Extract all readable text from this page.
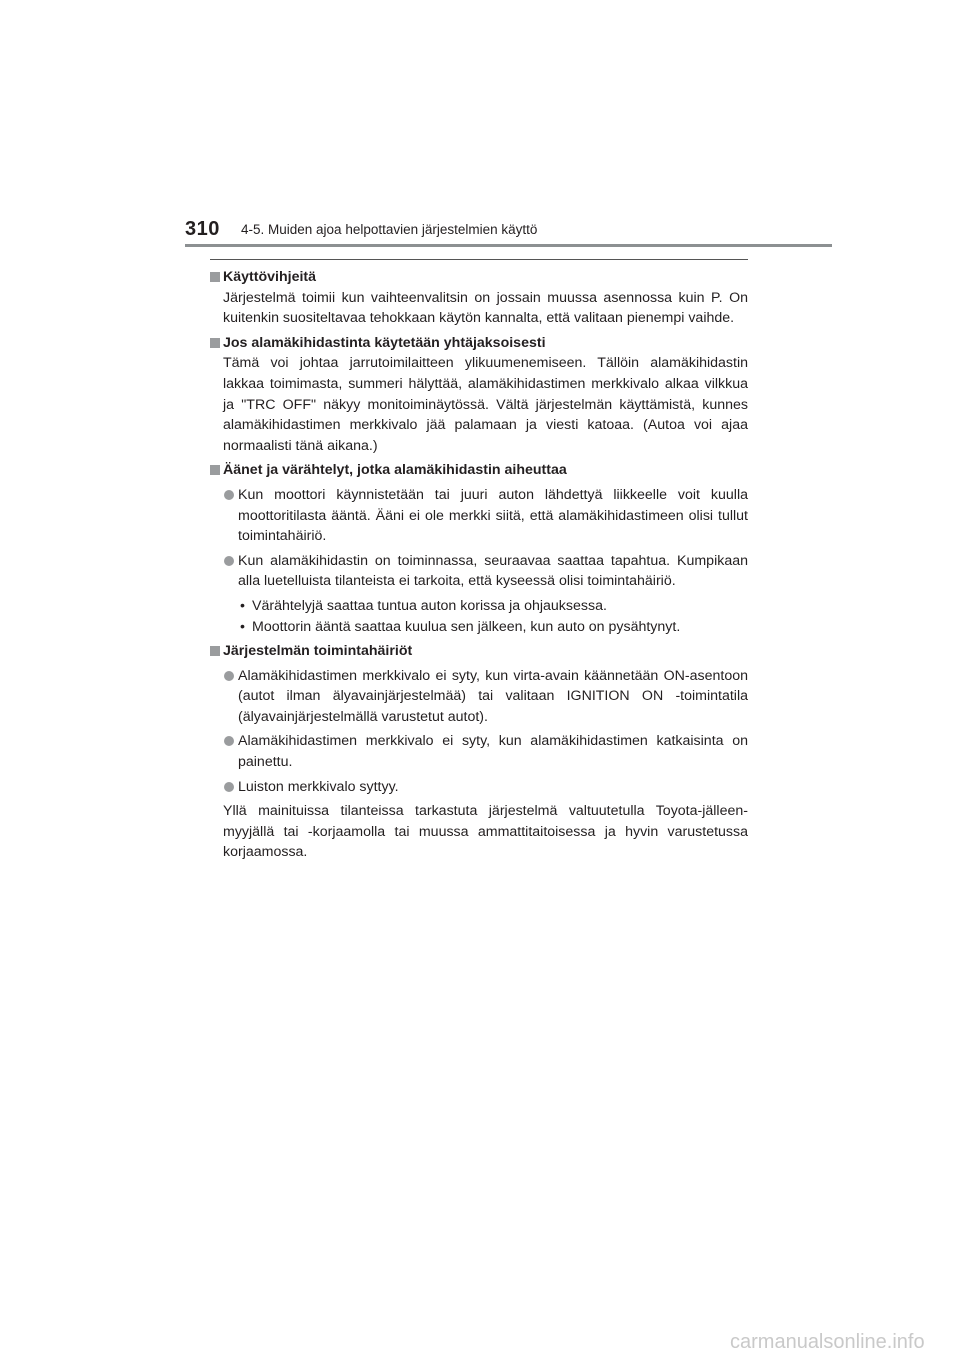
310 4-5. Muiden ajoa helpottavien järjestelmien käyttö
Käyttövihjeitä

Järjestelmä toimii kun vaihteenvalitsin on jossain muussa asennossa kuin P. On kuitenkin suositeltavaa tehokkaan käytön kannalta, että valitaan pienempi vaihde.

Jos alamäkihidastinta käytetään yhtäjaksoisesti

Tämä voi johtaa jarrutoimilaitteen ylikuumenemiseen. Tällöin alamäkihidastin lakkaa toimimasta, summeri hälyttää, alamäkihidastimen merkkivalo alkaa vilkkua ja "TRC OFF" näkyy monitoiminäytössä. Vältä järjestelmän käyttämistä, kunnes alamäkihidastimen merkkivalo jää palamaan ja viesti katoaa. (Autoa voi ajaa normaalisti tänä aikana.)

Äänet ja värähtelyt, jotka alamäkihidastin aiheuttaa
Kun moottori käynnistetään tai juuri auton lähdettyä liikkeelle voit kuulla moottoritilasta ääntä. Ääni ei ole merkki siitä, että alamäkihidastimeen olisi tullut toimintahäiriö.
Kun alamäkihidastin on toiminnassa, seuraavaa saattaa tapahtua. Kumpikaan alla luetelluista tilanteista ei tarkoita, että kyseessä olisi toimintahäiriö.
• Värähtelyjä saattaa tuntua auton korissa ja ohjauksessa.
• Moottorin ääntä saattaa kuulua sen jälkeen, kun auto on pysähtynyt.
Järjestelmän toimintahäiriöt
Alamäkihidastimen merkkivalo ei syty, kun virta-avain käännetään ON-asentoon (autot ilman älyavainjärjestelmää) tai valitaan IGNITION ON -toimintatila (älyavainjärjestelmällä varustetut autot).
Alamäkihidastimen merkkivalo ei syty, kun alamäkihidastimen katkaisinta on painettu.
Luiston merkkivalo syttyy.

Yllä mainituissa tilanteissa tarkastuta järjestelmä valtuutetulla Toyota-jälleenmyyjällä tai -korjaamolla tai muussa ammattitaitoisessa ja hyvin varustetussa korjaamossa.

carmanualsonline.info
